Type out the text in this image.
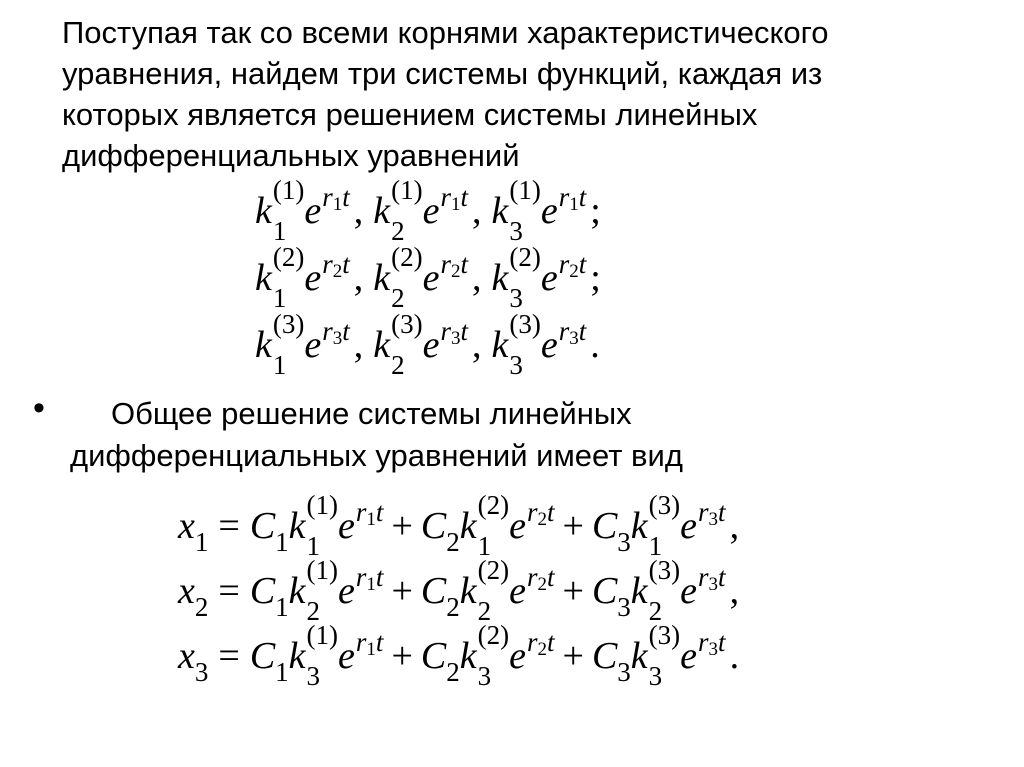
Поступая так со всеми корнями характеристического
уравнения, найдем три системы функций, каждая из
которых является решением системы линейных
дифференциальных уравнений
k (1)
1 er1t , k (1)
2 er1t , k (1)
3 er1t ;
k (2)
1 er2t , k (2)
2 er2t , k (2)
3 er2t ;
k (3)
1 er3t , k (3)
2 er3t , k (3)
3 er3t .
•	Общее решение системы линейных
дифференциальных уравнений имеет вид
$x_1 = C_1k$ (1)
1 $er1t + C_2k$ (2)
1 $er2t + C_3k$ (3)
1 er3t ,
$x_2 = C_1k$ (1)
2 $er1t + C_2k$ (2)
2 $er2t + C_3k$ (3)
2 er3t ,
$x_3 = C_1k$ (1)
3 $er1t + C_2k$ (2)
3 $er2t + C_3k$ (3)
3 er3t .
